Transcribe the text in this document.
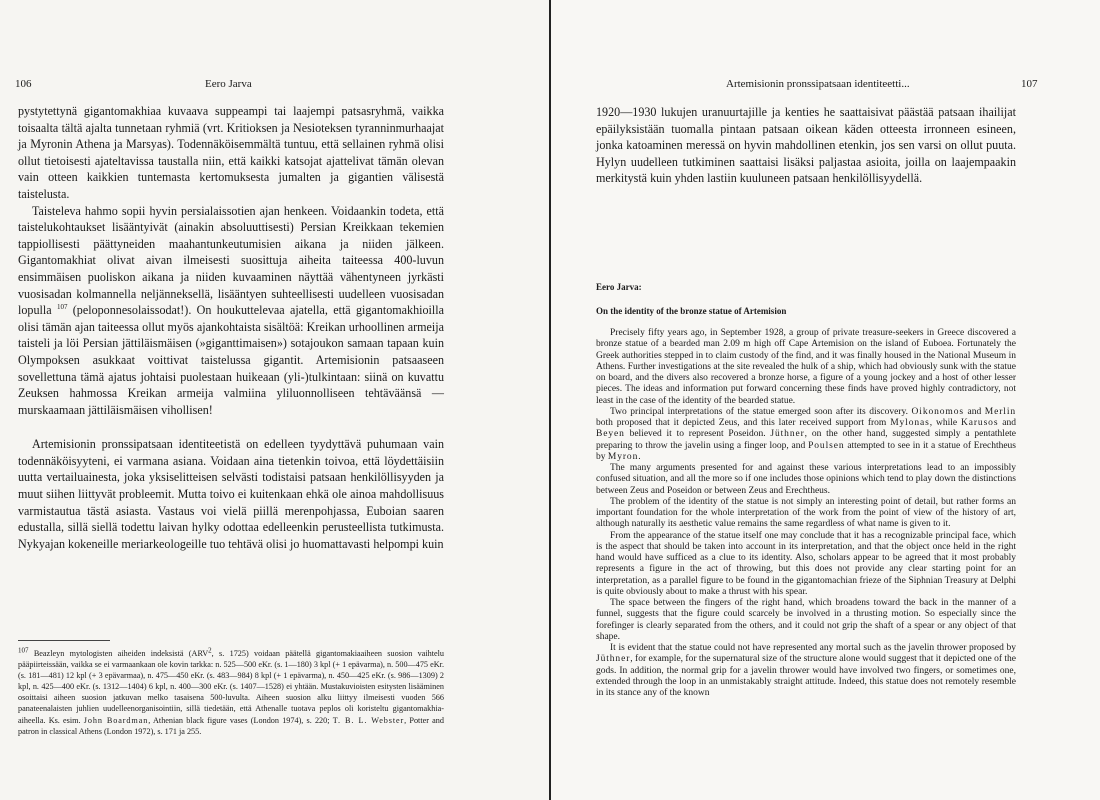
106	Eero Jarva

pystytettynä gigantomakhiaa kuvaava suppeampi tai laajempi patsasryhmä, vaikka toisaalta tältä ajalta tunnetaan ryhmiä (vrt. Kritioksen ja Nesioteksen tyranninmurhaajat ja Myronin Athena ja Marsyas). Todennäköisemmältä tuntuu, että sellainen ryhmä olisi ollut tietoisesti ajateltavissa taustalla niin, että kaikki katsojat ajattelivat tämän olevan vain otteen kaikkien tuntemasta kertomuksesta jumalten ja gigantien välisestä taistelusta.

Taisteleva hahmo sopii hyvin persialaissotien ajan henkeen. Voidaankin todeta, että taistelukohtaukset lisääntyivät (ainakin absoluuttisesti) Persian Kreikkaan tekemien tappiollisesti päättyneiden maahantunkeutumisien aikana ja niiden jälkeen. Gigantomakhiat olivat aivan ilmeisesti suosittuja aiheita taiteessa 400-luvun ensimmäisen puoliskon aikana ja niiden kuvaaminen näyttää vähentyneen jyrkästi vuosisadan kolmannella neljänneksellä, lisääntyen suhteellisesti uudelleen vuosisadan lopulla $^{107}$ (peloponnesolaissodat!). On houkuttelevaa ajatella, että gigantomakhioilla olisi tämän ajan taiteessa ollut myös ajankohtaista sisältöä: Kreikan urhoollinen armeija taisteli ja löi Persian jättiläismäisen (»giganttimaisen») sotajoukon samaan tapaan kuin Olympoksen asukkaat voittivat taistelussa gigantit. Artemisionin patsaaseen sovellettuna tämä ajatus johtaisi puolestaan huikeaan (yli-)tulkintaan: siinä on kuvattu Zeuksen hahmossa Kreikan armeija valmiina yliluonnolliseen tehtäväänsä — murskaamaan jättiläismäisen vihollisen!

Artemisionin pronssipatsaan identiteetistä on edelleen tyydyttävä puhumaan vain todennäköisyyteni, ei varmana asiana. Voidaan aina tietenkin toivoa, että löydettäisiin uutta vertailuainesta, joka yksiselitteisen selvästi todistaisi patsaan henkilöllisyyden ja muut siihen liittyvät probleemit. Mutta toivo ei kuitenkaan ehkä ole ainoa mahdollisuus varmistautua tästä asiasta. Vastaus voi vielä piillä merenpohjassa, Euboian saaren edustalla, sillä siellä todettu laivan hylky odottaa edelleenkin perusteellista tutkimusta. Nykyajan kokeneille meriarkeologeille tuo tehtävä olisi jo huomattavasti helpompi kuin

$^{107}$ Beazleyn mytologisten aiheiden indeksistä (ARV$^2$, s. 1725) voidaan päätellä gigantomakiaaiheen suosion vaihtelu pääpiirteissään, vaikka se ei varmaankaan ole kovin tarkka: n. 525—500 eKr. (s. 1—180) 3 kpl (+ 1 epävarma), n. 500—475 eKr. (s. 181—481) 12 kpl (+ 3 epävarmaa), n. 475—450 eKr. (s. 483—984) 8 kpl (+ 1 epävarma), n. 450—425 eKr. (s. 986—1309) 2 kpl, n. 425—400 eKr. (s. 1312—1404) 6 kpl, n. 400—300 eKr. (s. 1407—1528) ei yhtään. Mustakuvioisten esitysten lisääminen osoittaisi aiheen suosion jatkuvan melko tasaisena 500-luvulta. Aiheen suosion alku liittyy ilmeisesti vuoden 566 panateenalaisten juhlien uudelleenorganisointiin, sillä tiedetään, että Athenalle tuotava peplos oli koristeltu gigantomakhia-aiheella. Ks. esim. John Boardman, Athenian black figure vases (London 1974), s. 220; T. B. L. Webster, Potter and patron in classical Athens (London 1972), s. 171 ja 255.
Artemisionin pronssipatsaan identiteetti...	107

1920—1930 lukujen uranuurtajille ja kenties he saattaisivat päästää patsaan ihailijat epäilyksistään tuomalla pintaan patsaan oikean käden otteesta irronneen esineen, jonka katoaminen meressä on hyvin mahdollinen etenkin, jos sen varsi on ollut puuta. Hylyn uudelleen tutkiminen saattaisi lisäksi paljastaa asioita, joilla on laajempaakin merkitystä kuin yhden lastiin kuuluneen patsaan henkilöllisyydellä.

Eero Jarva:
On the identity of the bronze statue of Artemision

Precisely fifty years ago, in September 1928, a group of private treasure-seekers in Greece discovered a bronze statue of a bearded man 2.09 m high off Cape Artemision on the island of Euboea. Fortunately the Greek authorities stepped in to claim custody of the find, and it was finally housed in the National Museum in Athens. Further investigations at the site revealed the hulk of a ship, which had obviously sunk with the statue on board, and the divers also recovered a bronze horse, a figure of a young jockey and a host of other lesser pieces. The ideas and information put forward concerning these finds have proved highly contradictory, not least in the case of the identity of the bearded statue.

Two principal interpretations of the statue emerged soon after its discovery. Oikonomos and Merlin both proposed that it depicted Zeus, and this later received support from Mylonas, while Karusos and Beyen believed it to represent Poseidon. Jüthner, on the other hand, suggested simply a pentathlete preparing to throw the javelin using a finger loop, and Poulsen attempted to see in it a statue of Erechtheus by Myron.

The many arguments presented for and against these various interpretations lead to an impossibly confused situation, and all the more so if one includes those opinions which tend to play down the distinctions between Zeus and Poseidon or between Zeus and Erechtheus.

The problem of the identity of the statue is not simply an interesting point of detail, but rather forms an important foundation for the whole interpretation of the work from the point of view of the history of art, although naturally its aesthetic value remains the same regardless of what name is given to it.

From the appearance of the statue itself one may conclude that it has a recognizable principal face, which is the aspect that should be taken into account in its interpretation, and that the object once held in the right hand would have sufficed as a clue to its identity. Also, scholars appear to be agreed that it most probably represents a figure in the act of throwing, but this does not provide any clear starting point for an interpretation, as a parallel figure to be found in the gigantomachian frieze of the Siphnian Treasury at Delphi is quite obviously about to make a thrust with his spear.

The space between the fingers of the right hand, which broadens toward the back in the manner of a funnel, suggests that the figure could scarcely be involved in a thrusting motion. So especially since the forefinger is clearly separated from the others, and it could not grip the shaft of a spear or any object of that shape.

It is evident that the statue could not have represented any mortal such as the javelin thrower proposed by Jüthner, for example, for the supernatural size of the structure alone would suggest that it depicted one of the gods. In addition, the normal grip for a javelin thrower would have involved two fingers, or sometimes one, extended through the loop in an unmistakably straight attitude. Indeed, this statue does not remotely resemble in its stance any of the known
